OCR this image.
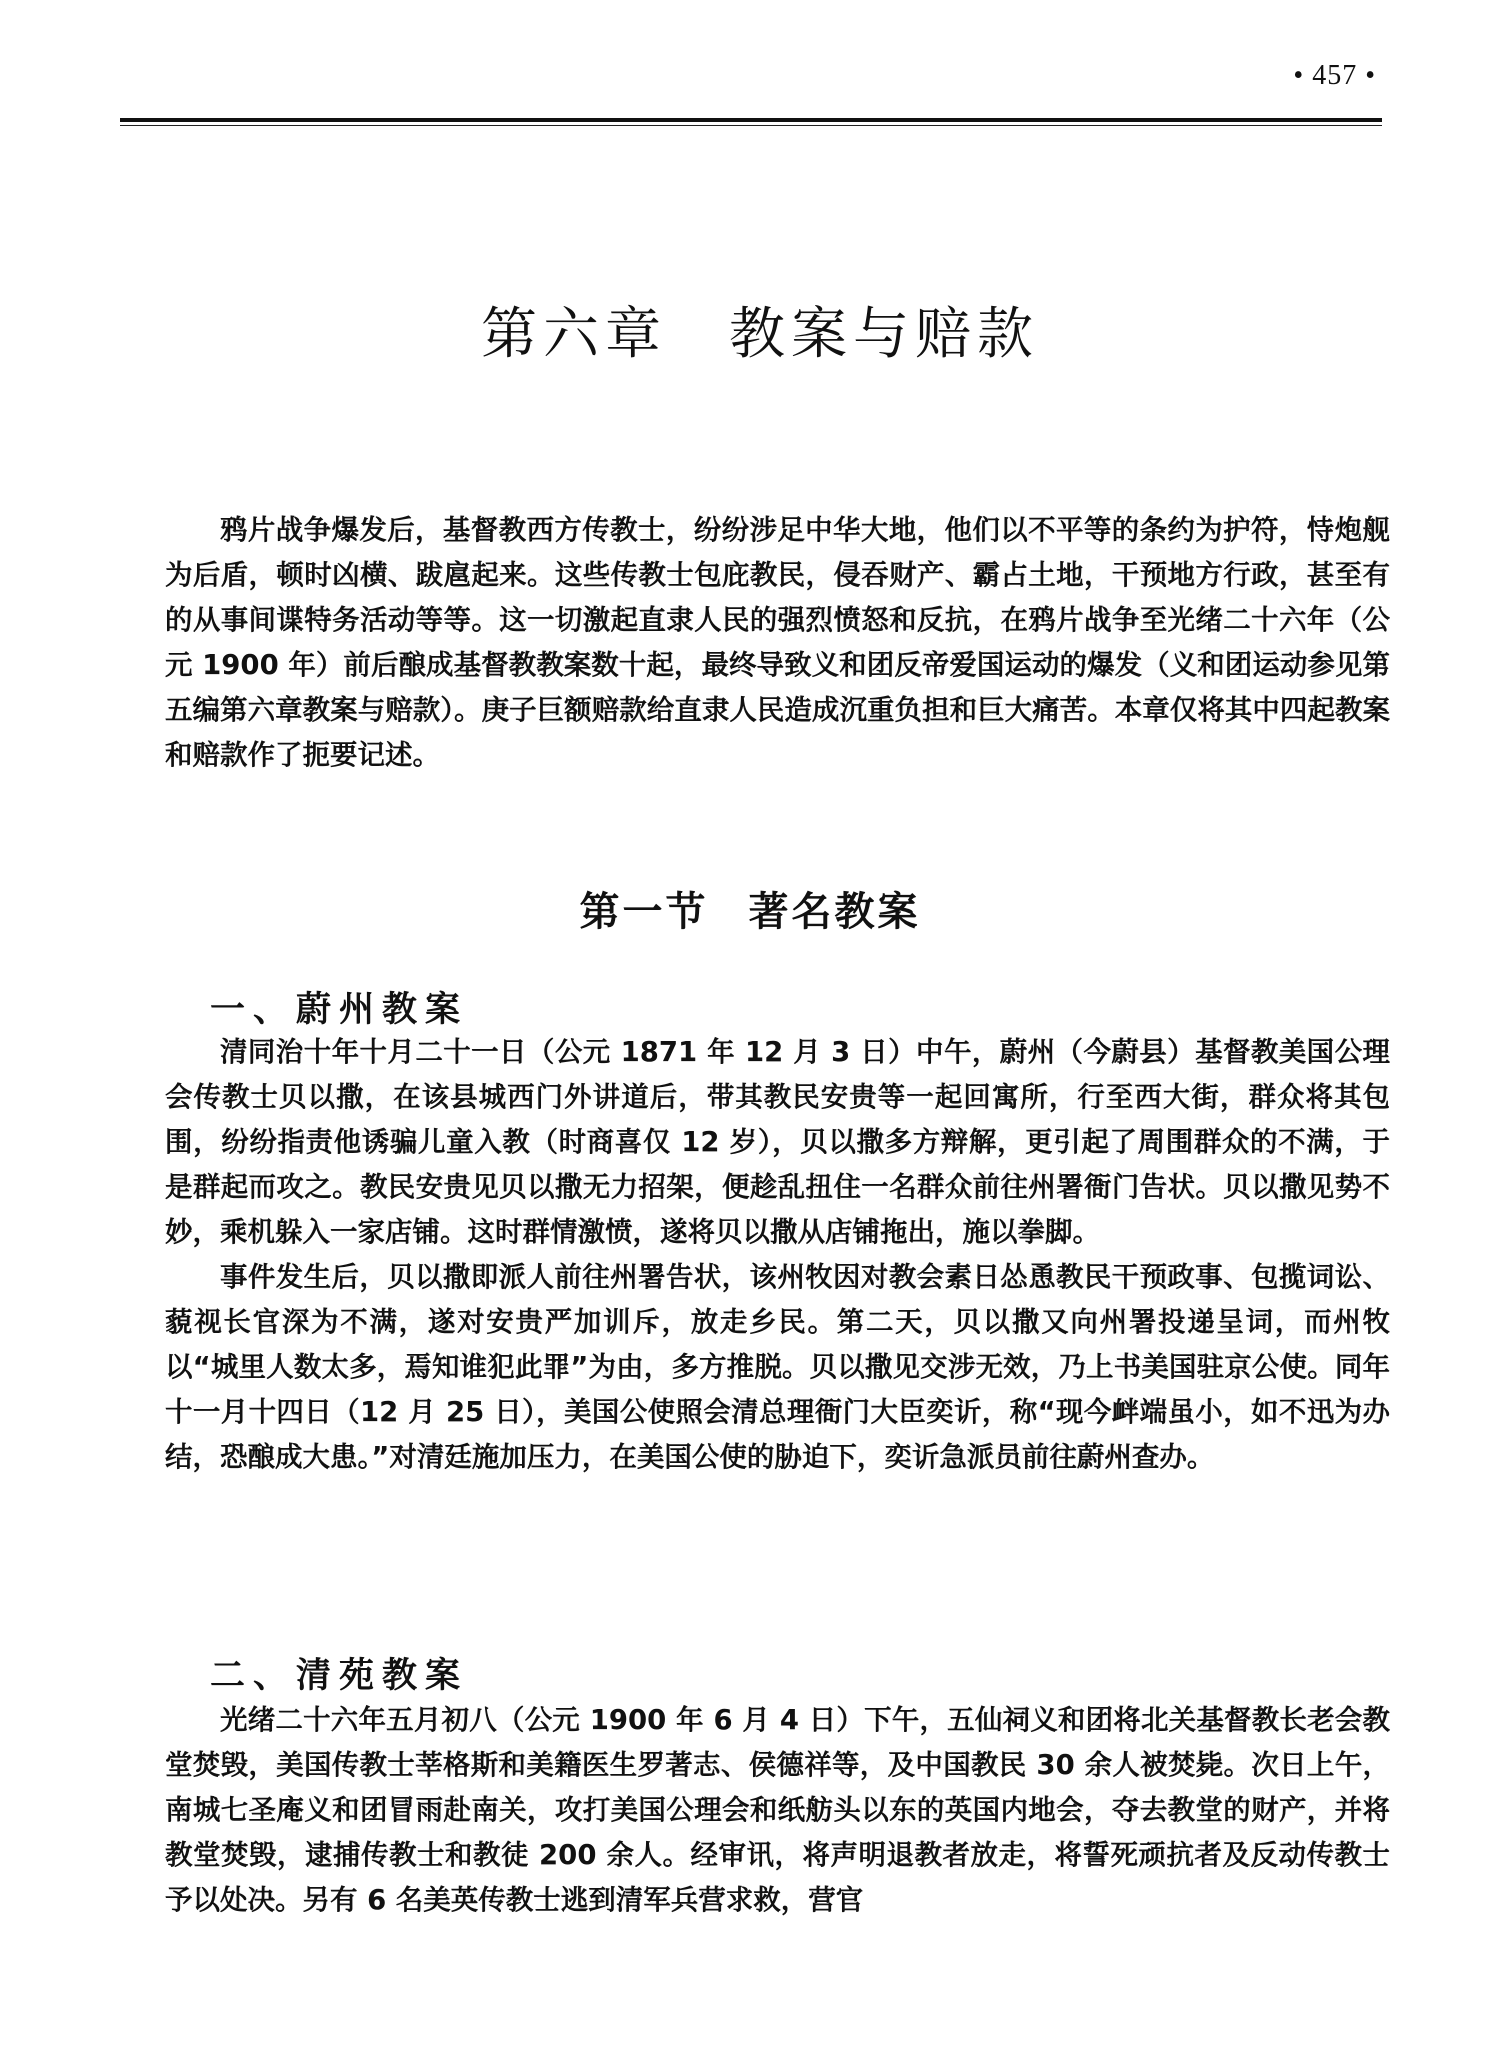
• 457 •
第六章 教案与赔款

鸦片战争爆发后，基督教西方传教士，纷纷涉足中华大地，他们以不平等的条约为护符，恃炮舰为后盾，顿时凶横、跋扈起来。这些传教士包庇教民，侵吞财产、霸占土地，干预地方行政，甚至有的从事间谍特务活动等等。这一切激起直隶人民的强烈愤怒和反抗，在鸦片战争至光绪二十六年（公元 1900 年）前后酿成基督教教案数十起，最终导致义和团反帝爱国运动的爆发（义和团运动参见第五编第六章教案与赔款）。庚子巨额赔款给直隶人民造成沉重负担和巨大痛苦。本章仅将其中四起教案和赔款作了扼要记述。

第一节 著名教案
一、蔚州教案

清同治十年十月二十一日（公元 1871 年 12 月 3 日）中午，蔚州（今蔚县）基督教美国公理会传教士贝以撒，在该县城西门外讲道后，带其教民安贵等一起回寓所，行至西大街，群众将其包围，纷纷指责他诱骗儿童入教（时商喜仅 12 岁），贝以撒多方辩解，更引起了周围群众的不满，于是群起而攻之。教民安贵见贝以撒无力招架，便趁乱扭住一名群众前往州署衙门告状。贝以撒见势不妙，乘机躲入一家店铺。这时群情激愤，遂将贝以撒从店铺拖出，施以拳脚。

事件发生后，贝以撒即派人前往州署告状，该州牧因对教会素日怂恿教民干预政事、包揽词讼、藐视长官深为不满，遂对安贵严加训斥，放走乡民。第二天，贝以撒又向州署投递呈词，而州牧以“城里人数太多，焉知谁犯此罪”为由，多方推脱。贝以撒见交涉无效，乃上书美国驻京公使。同年十一月十四日（12 月 25 日），美国公使照会清总理衙门大臣奕䜣，称“现今衅端虽小，如不迅为办结，恐酿成大患。”对清廷施加压力，在美国公使的胁迫下，奕䜣急派员前往蔚州查办。

二、清苑教案

光绪二十六年五月初八（公元 1900 年 6 月 4 日）下午，五仙祠义和团将北关基督教长老会教堂焚毁，美国传教士莘格斯和美籍医生罗著志、侯德祥等，及中国教民 30 余人被焚毙。次日上午，南城七圣庵义和团冒雨赴南关，攻打美国公理会和纸舫头以东的英国内地会，夺去教堂的财产，并将教堂焚毁，逮捕传教士和教徒 200 余人。经审讯，将声明退教者放走，将誓死顽抗者及反动传教士予以处决。另有 6 名美英传教士逃到清军兵营求救，营官
